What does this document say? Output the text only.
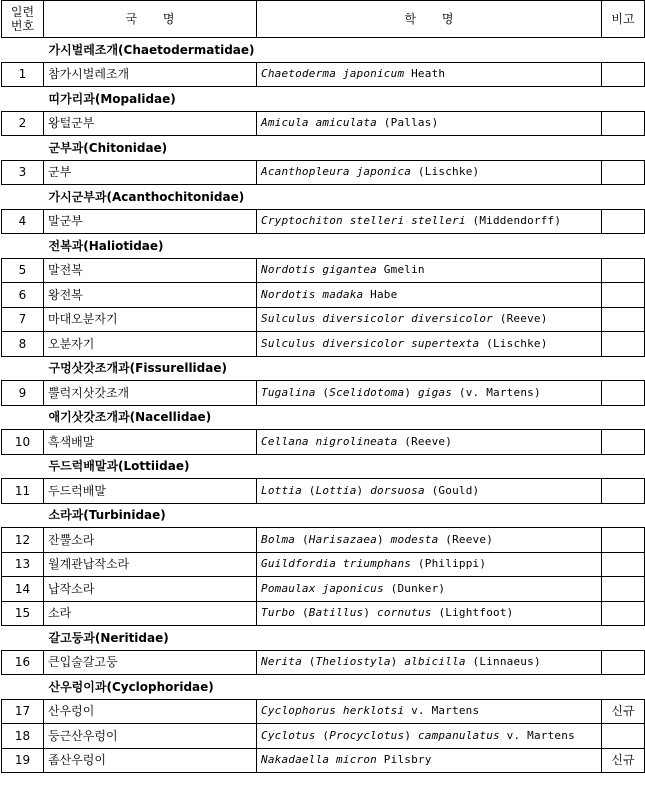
일련
번호	국 명	학 명	비고
	가시벌레조개(Chaetodermatidae)		
1	참가시벌레조개	Chaetoderma japonicum Heath	
	띠가리과(Mopalidae)		
2	왕털군부	Amicula amiculata (Pallas)	
	군부과(Chitonidae)		
3	군부	Acanthopleura japonica (Lischke)	
	가시군부과(Acanthochitonidae)		
4	말군부	Cryptochiton stelleri stelleri (Middendorff)	
	전복과(Haliotidae)		
5	말전복	Nordotis gigantea Gmelin	
6	왕전복	Nordotis madaka Habe	
7	마대오분자기	Sulculus diversicolor diversicolor (Reeve)	
8	오분자기	Sulculus diversicolor supertexta (Lischke)	
	구멍삿갓조개과(Fissurellidae)		
9	뿔럭지삿갓조개	Tugalina (Scelidotoma) gigas (v. Martens)	
	애기삿갓조개과(Nacellidae)		
10	흑색배말	Cellana nigrolineata (Reeve)	
	두드럭배말과(Lottiidae)		
11	두드럭배말	Lottia (Lottia) dorsuosa (Gould)	
	소라과(Turbinidae)		
12	잔뿔소라	Bolma (Harisazaea) modesta (Reeve)	
13	월계관납작소라	Guildfordia triumphans (Philippi)	
14	납작소라	Pomaulax japonicus (Dunker)	
15	소라	Turbo (Batillus) cornutus (Lightfoot)	
	갈고둥과(Neritidae)		
16	큰입술갈고둥	Nerita (Theliostyla) albicilla (Linnaeus)	
	산우렁이과(Cyclophoridae)		
17	산우렁이	Cyclophorus herklotsi v. Martens	신규
18	둥근산우렁이	Cyclotus (Procyclotus) campanulatus v. Martens	
19	좀산우렁이	Nakadaella micron Pilsbry	신규
